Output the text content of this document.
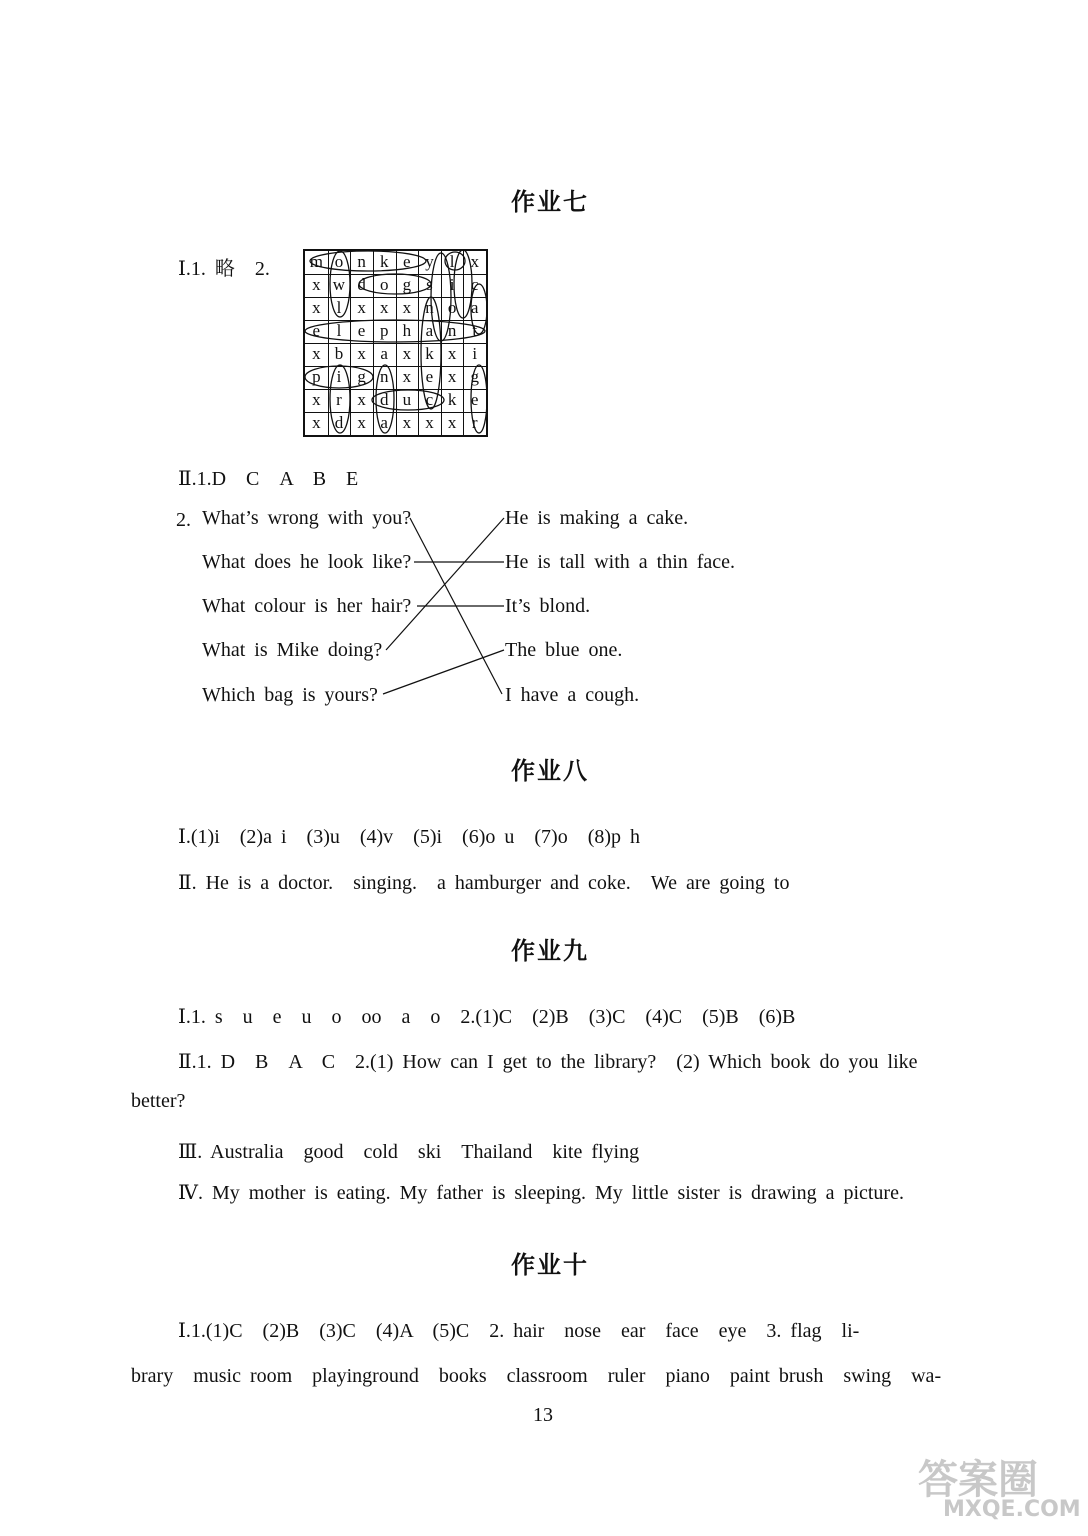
作业七
Ⅰ.1. 略　2. m o n k e y l x
x w d o g s i c
x l x x x n o a
e l e p h a n t
x b x a x k x i
p i g n x e x g
x r x d u c k e
x d x a x x x r
Ⅱ.1.D　C　A　B　E
2. What’s wrong with you?
What does he look like?
What colour is her hair?
What is Mike doing?
Which bag is yours?
He is making a cake.
He is tall with a thin face.
It’s blond.
The blue one.
I have a cough.
作业八
Ⅰ.(1)i　(2)a i　(3)u　(4)v　(5)i　(6)o u　(7)o　(8)p h
Ⅱ. He is a doctor.　singing.　a hamburger and coke.　We are going to
作业九
Ⅰ.1. s　u　e　u　o　oo　a　o　2.(1)C　(2)B　(3)C　(4)C　(5)B　(6)B
Ⅱ.1. D　B　A　C　2.(1) How can I get to the library?　(2) Which book do you like
better?
Ⅲ. Australia　good　cold　ski　Thailand　kite flying
Ⅳ. My mother is eating. My father is sleeping. My little sister is drawing a picture.
作业十
Ⅰ.1.(1)C　(2)B　(3)C　(4)A　(5)C　2. hair　nose　ear　face　eye　3. flag　li-
brary　music room　playinground　books　classroom　ruler　piano　paint brush　swing　wa-
13
答案圈
MXQE.COM
